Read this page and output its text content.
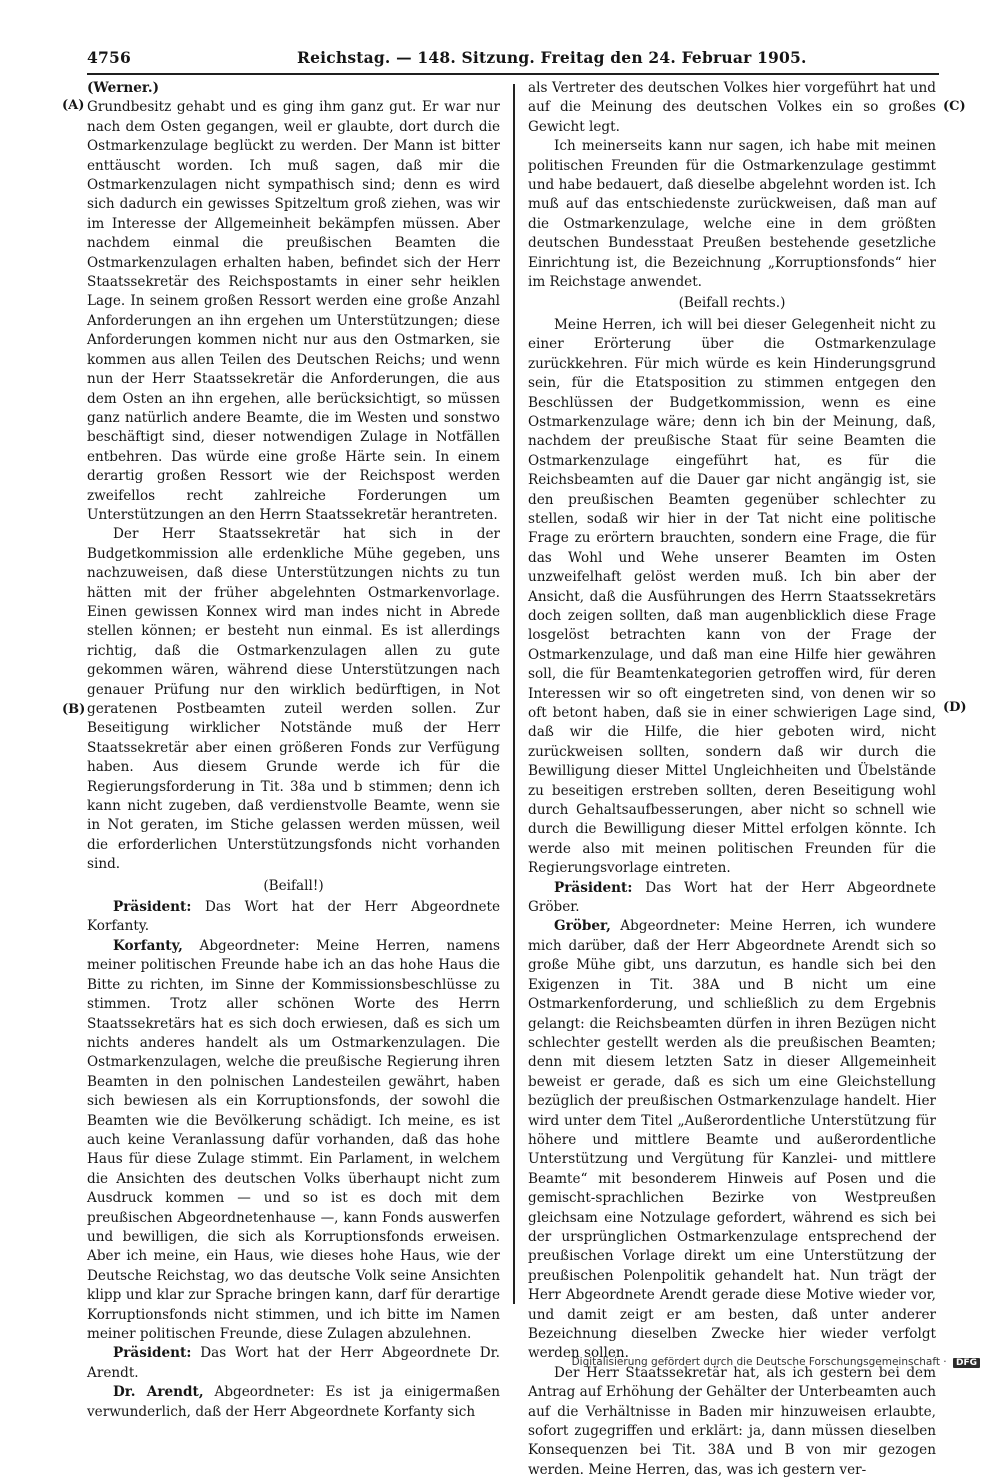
4756	Reichstag. — 148. Sitzung. Freitag den 24. Februar 1905.
(A)
(B)
(C)
(D)

(Werner.)

Grundbesitz gehabt und es ging ihm ganz gut. Er war nur nach dem Osten gegangen, weil er glaubte, dort durch die Ostmarkenzulage beglückt zu werden. Der Mann ist bitter enttäuscht worden. Ich muß sagen, daß mir die Ostmarkenzulagen nicht sympathisch sind; denn es wird sich dadurch ein gewisses Spitzeltum groß ziehen, was wir im Interesse der Allgemeinheit bekämpfen müssen. Aber nachdem einmal die preußischen Beamten die Ostmarkenzulagen erhalten haben, befindet sich der Herr Staatssekretär des Reichspostamts in einer sehr heiklen Lage. In seinem großen Ressort werden eine große Anzahl Anforderungen an ihn ergehen um Unterstützungen; diese Anforderungen kommen nicht nur aus den Ostmarken, sie kommen aus allen Teilen des Deutschen Reichs; und wenn nun der Herr Staatssekretär die Anforderungen, die aus dem Osten an ihn ergehen, alle berücksichtigt, so müssen ganz natürlich andere Beamte, die im Westen und sonstwo beschäftigt sind, dieser notwendigen Zulage in Notfällen entbehren. Das würde eine große Härte sein. In einem derartig großen Ressort wie der Reichspost werden zweifellos recht zahlreiche Forderungen um Unterstützungen an den Herrn Staatssekretär herantreten.

Der Herr Staatssekretär hat sich in der Budgetkommission alle erdenkliche Mühe gegeben, uns nachzuweisen, daß diese Unterstützungen nichts zu tun hätten mit der früher abgelehnten Ostmarkenvorlage. Einen gewissen Konnex wird man indes nicht in Abrede stellen können; er besteht nun einmal. Es ist allerdings richtig, daß die Ostmarkenzulagen allen zu gute gekommen wären, während diese Unterstützungen nach genauer Prüfung nur den wirklich bedürftigen, in Not geratenen Postbeamten zuteil werden sollen. Zur Beseitigung wirklicher Notstände muß der Herr Staatssekretär aber einen größeren Fonds zur Verfügung haben. Aus diesem Grunde werde ich für die Regierungsforderung in Tit. 38a und b stimmen; denn ich kann nicht zugeben, daß verdienstvolle Beamte, wenn sie in Not geraten, im Stiche gelassen werden müssen, weil die erforderlichen Unterstützungsfonds nicht vorhanden sind.

(Beifall!)

Präsident: Das Wort hat der Herr Abgeordnete Korfanty.

Korfanty, Abgeordneter: Meine Herren, namens meiner politischen Freunde habe ich an das hohe Haus die Bitte zu richten, im Sinne der Kommissionsbeschlüsse zu stimmen. Trotz aller schönen Worte des Herrn Staatssekretärs hat es sich doch erwiesen, daß es sich um nichts anderes handelt als um Ostmarkenzulagen. Die Ostmarkenzulagen, welche die preußische Regierung ihren Beamten in den polnischen Landesteilen gewährt, haben sich bewiesen als ein Korruptionsfonds, der sowohl die Beamten wie die Bevölkerung schädigt. Ich meine, es ist auch keine Veranlassung dafür vorhanden, daß das hohe Haus für diese Zulage stimmt. Ein Parlament, in welchem die Ansichten des deutschen Volks überhaupt nicht zum Ausdruck kommen — und so ist es doch mit dem preußischen Abgeordnetenhause —, kann Fonds auswerfen und bewilligen, die sich als Korruptionsfonds erweisen. Aber ich meine, ein Haus, wie dieses hohe Haus, wie der Deutsche Reichstag, wo das deutsche Volk seine Ansichten klipp und klar zur Sprache bringen kann, darf für derartige Korruptionsfonds nicht stimmen, und ich bitte im Namen meiner politischen Freunde, diese Zulagen abzulehnen.

Präsident: Das Wort hat der Herr Abgeordnete Dr. Arendt.

Dr. Arendt, Abgeordneter: Es ist ja einigermaßen verwunderlich, daß der Herr Abgeordnete Korfanty sich

als Vertreter des deutschen Volkes hier vorgeführt hat und auf die Meinung des deutschen Volkes ein so großes Gewicht legt.

Ich meinerseits kann nur sagen, ich habe mit meinen politischen Freunden für die Ostmarkenzulage gestimmt und habe bedauert, daß dieselbe abgelehnt worden ist. Ich muß auf das entschiedenste zurückweisen, daß man auf die Ostmarkenzulage, welche eine in dem größten deutschen Bundesstaat Preußen bestehende gesetzliche Einrichtung ist, die Bezeichnung „Korruptionsfonds“ hier im Reichstage anwendet.

(Beifall rechts.)

Meine Herren, ich will bei dieser Gelegenheit nicht zu einer Erörterung über die Ostmarkenzulage zurückkehren. Für mich würde es kein Hinderungsgrund sein, für die Etatsposition zu stimmen entgegen den Beschlüssen der Budgetkommission, wenn es eine Ostmarkenzulage wäre; denn ich bin der Meinung, daß, nachdem der preußische Staat für seine Beamten die Ostmarkenzulage eingeführt hat, es für die Reichsbeamten auf die Dauer gar nicht angängig ist, sie den preußischen Beamten gegenüber schlechter zu stellen, sodaß wir hier in der Tat nicht eine politische Frage zu erörtern brauchten, sondern eine Frage, die für das Wohl und Wehe unserer Beamten im Osten unzweifelhaft gelöst werden muß. Ich bin aber der Ansicht, daß die Ausführungen des Herrn Staatssekretärs doch zeigen sollten, daß man augenblicklich diese Frage losgelöst betrachten kann von der Frage der Ostmarkenzulage, und daß man eine Hilfe hier gewähren soll, die für Beamtenkategorien getroffen wird, für deren Interessen wir so oft eingetreten sind, von denen wir so oft betont haben, daß sie in einer schwierigen Lage sind, daß wir die Hilfe, die hier geboten wird, nicht zurückweisen sollten, sondern daß wir durch die Bewilligung dieser Mittel Ungleichheiten und Übelstände zu beseitigen erstreben sollten, deren Beseitigung wohl durch Gehaltsaufbesserungen, aber nicht so schnell wie durch die Bewilligung dieser Mittel erfolgen könnte. Ich werde also mit meinen politischen Freunden für die Regierungsvorlage eintreten.

Präsident: Das Wort hat der Herr Abgeordnete Gröber.

Gröber, Abgeordneter: Meine Herren, ich wundere mich darüber, daß der Herr Abgeordnete Arendt sich so große Mühe gibt, uns darzutun, es handle sich bei den Exigenzen in Tit. 38A und B nicht um eine Ostmarkenforderung, und schließlich zu dem Ergebnis gelangt: die Reichsbeamten dürfen in ihren Bezügen nicht schlechter gestellt werden als die preußischen Beamten; denn mit diesem letzten Satz in dieser Allgemeinheit beweist er gerade, daß es sich um eine Gleichstellung bezüglich der preußischen Ostmarkenzulage handelt. Hier wird unter dem Titel „Außerordentliche Unterstützung für höhere und mittlere Beamte und außerordentliche Unterstützung und Vergütung für Kanzlei- und mittlere Beamte“ mit besonderem Hinweis auf Posen und die gemischt-sprachlichen Bezirke von Westpreußen gleichsam eine Notzulage gefordert, während es sich bei der ursprünglichen Ostmarkenzulage entsprechend der preußischen Vorlage direkt um eine Unterstützung der preußischen Polenpolitik gehandelt hat. Nun trägt der Herr Abgeordnete Arendt gerade diese Motive wieder vor, und damit zeigt er am besten, daß unter anderer Bezeichnung dieselben Zwecke hier wieder verfolgt werden sollen.

Der Herr Staatssekretär hat, als ich gestern bei dem Antrag auf Erhöhung der Gehälter der Unterbeamten auch auf die Verhältnisse in Baden mir hinzuweisen erlaubte, sofort zugegriffen und erklärt: ja, dann müssen dieselben Konsequenzen bei Tit. 38A und B von mir gezogen werden. Meine Herren, das, was ich gestern ver-

Digitalisierung gefördert durch die Deutsche Forschungsgemeinschaft · DFG
